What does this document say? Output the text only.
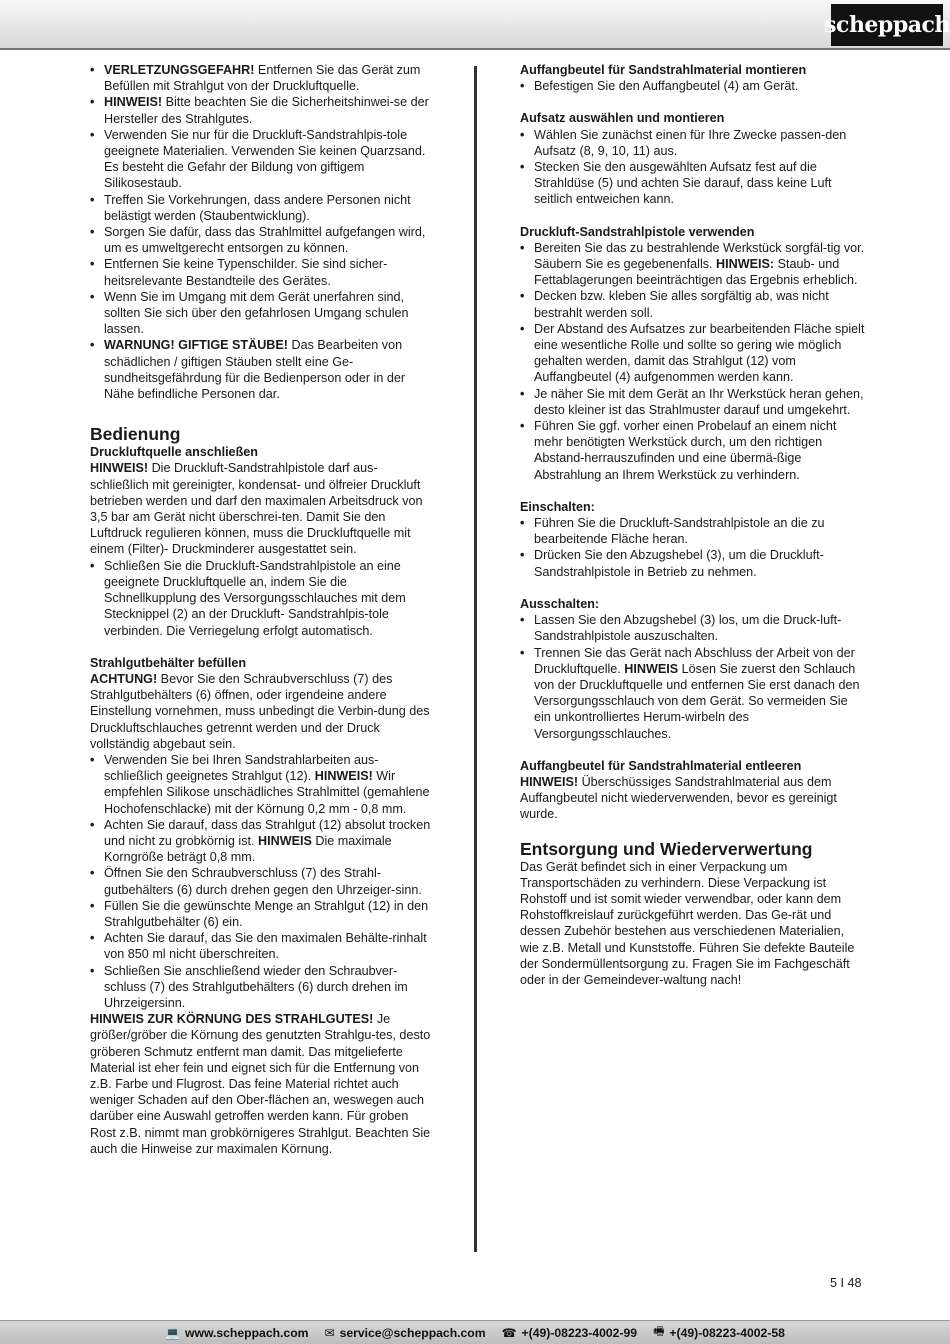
scheppach
• VERLETZUNGSGEFAHR! Entfernen Sie das Gerät zum Befüllen mit Strahlgut von der Druckluftquelle.
• HINWEIS! Bitte beachten Sie die Sicherheitshinwei-se der Hersteller des Strahlgutes.
• Verwenden Sie nur für die Druckluft-Sandstrahlpis-tole geeignete Materialien. Verwenden Sie keinen Quarzsand. Es besteht die Gefahr der Bildung von giftigem Silikosestaub.
• Treffen Sie Vorkehrungen, dass andere Personen nicht belästigt werden (Staubentwicklung).
• Sorgen Sie dafür, dass das Strahlmittel aufgefangen wird, um es umweltgerecht entsorgen zu können.
• Entfernen Sie keine Typenschilder. Sie sind sicher-heitsrelevante Bestandteile des Gerätes.
• Wenn Sie im Umgang mit dem Gerät unerfahren sind, sollten Sie sich über den gefahrlosen Umgang schulen lassen.
• WARNUNG! GIFTIGE STÄUBE! Das Bearbeiten von schädlichen / giftigen Stäuben stellt eine Ge-sundheitsgefährdung für die Bedienperson oder in der Nähe befindliche Personen dar.
Bedienung
Druckluftquelle anschließen

HINWEIS! Die Druckluft-Sandstrahlpistole darf aus-schließlich mit gereinigter, kondensat- und ölfreier Druckluft betrieben werden und darf den maximalen Arbeitsdruck von 3,5 bar am Gerät nicht überschrei-ten. Damit Sie den Luftdruck regulieren können, muss die Druckluftquelle mit einem (Filter)- Druckminderer ausgestattet sein.

• Schließen Sie die Druckluft-Sandstrahlpistole an eine geeignete Druckluftquelle an, indem Sie die Schnellkupplung des Versorgungsschlauches mit dem Stecknippel (2) an der Druckluft- Sandstrahlpis-tole verbinden. Die Verriegelung erfolgt automatisch.
Strahlgutbehälter befüllen

ACHTUNG! Bevor Sie den Schraubverschluss (7) des Strahlgutbehälters (6) öffnen, oder irgendeine andere Einstellung vornehmen, muss unbedingt die Verbin-dung des Druckluftschlauches getrennt werden und der Druck vollständig abgebaut sein.

• Verwenden Sie bei Ihren Sandstrahlarbeiten aus-schließlich geeignetes Strahlgut (12). HINWEIS! Wir empfehlen Silikose unschädliches Strahlmittel (gemahlene Hochofenschlacke) mit der Körnung 0,2 mm - 0,8 mm.
• Achten Sie darauf, dass das Strahlgut (12) absolut trocken und nicht zu grobkörnig ist. HINWEIS Die maximale Korngröße beträgt 0,8 mm.
• Öffnen Sie den Schraubverschluss (7) des Strahl-gutbehälters (6) durch drehen gegen den Uhrzeiger-sinn.
• Füllen Sie die gewünschte Menge an Strahlgut (12) in den Strahlgutbehälter (6) ein.
• Achten Sie darauf, das Sie den maximalen Behälte-rinhalt von 850 ml nicht überschreiten.
• Schließen Sie anschließend wieder den Schraubver-schluss (7) des Strahlgutbehälters (6) durch drehen im Uhrzeigersinn.

HINWEIS ZUR KÖRNUNG DES STRAHLGUTES! Je größer/gröber die Körnung des genutzten Strahlgu-tes, desto gröberen Schmutz entfernt man damit. Das mitgelieferte Material ist eher fein und eignet sich für die Entfernung von z.B. Farbe und Flugrost. Das feine Material richtet auch weniger Schaden auf den Ober-flächen an, weswegen auch darüber eine Auswahl getroffen werden kann. Für groben Rost z.B. nimmt man grobkörnigeres Strahlgut. Beachten Sie auch die Hinweise zur maximalen Körnung.

Auffangbeutel für Sandstrahlmaterial montieren
• Befestigen Sie den Auffangbeutel (4) am Gerät.
Aufsatz auswählen und montieren
• Wählen Sie zunächst einen für Ihre Zwecke passen-den Aufsatz (8, 9, 10, 11) aus.
• Stecken Sie den ausgewählten Aufsatz fest auf die Strahldüse (5) und achten Sie darauf, dass keine Luft seitlich entweichen kann.
Druckluft-Sandstrahlpistole verwenden
• Bereiten Sie das zu bestrahlende Werkstück sorgfäl-tig vor. Säubern Sie es gegebenenfalls. HINWEIS: Staub- und Fettablagerungen beeinträchtigen das Ergebnis erheblich.
• Decken bzw. kleben Sie alles sorgfältig ab, was nicht bestrahlt werden soll.
• Der Abstand des Aufsatzes zur bearbeitenden Fläche spielt eine wesentliche Rolle und sollte so gering wie möglich gehalten werden, damit das Strahlgut (12) vom Auffangbeutel (4) aufgenommen werden kann.
• Je näher Sie mit dem Gerät an Ihr Werkstück heran gehen, desto kleiner ist das Strahlmuster darauf und umgekehrt.
• Führen Sie ggf. vorher einen Probelauf an einem nicht mehr benötigten Werkstück durch, um den richtigen Abstand-herrauszufinden und eine übermä-ßige Abstrahlung an Ihrem Werkstück zu verhindern.
Einschalten:
• Führen Sie die Druckluft-Sandstrahlpistole an die zu bearbeitende Fläche heran.
• Drücken Sie den Abzugshebel (3), um die Druckluft-Sandstrahlpistole in Betrieb zu nehmen.
Ausschalten:
• Lassen Sie den Abzugshebel (3) los, um die Druck-luft-Sandstrahlpistole auszuschalten.
• Trennen Sie das Gerät nach Abschluss der Arbeit von der Druckluftquelle. HINWEIS Lösen Sie zuerst den Schlauch von der Druckluftquelle und entfernen Sie erst danach den Versorgungsschlauch von dem Gerät. So vermeiden Sie ein unkontrolliertes Herum-wirbeln des Versorgungsschlauches.
Auffangbeutel für Sandstrahlmaterial entleeren

HINWEIS! Überschüssiges Sandstrahlmaterial aus dem Auffangbeutel nicht wiederverwenden, bevor es gereinigt wurde.

Entsorgung und Wiederverwertung

Das Gerät befindet sich in einer Verpackung um Transportschäden zu verhindern. Diese Verpackung ist Rohstoff und ist somit wieder verwendbar, oder kann dem Rohstoffkreislauf zurückgeführt werden. Das Ge-rät und dessen Zubehör bestehen aus verschiedenen Materialien, wie z.B. Metall und Kunststoffe. Führen Sie defekte Bauteile der Sondermüllentsorgung zu. Fragen Sie im Fachgeschäft oder in der Gemeindever-waltung nach!

5 I 48
💻 www.scheppach.com ✉ service@scheppach.com ☎ +(49)-08223-4002-99 🖷 +(49)-08223-4002-58
